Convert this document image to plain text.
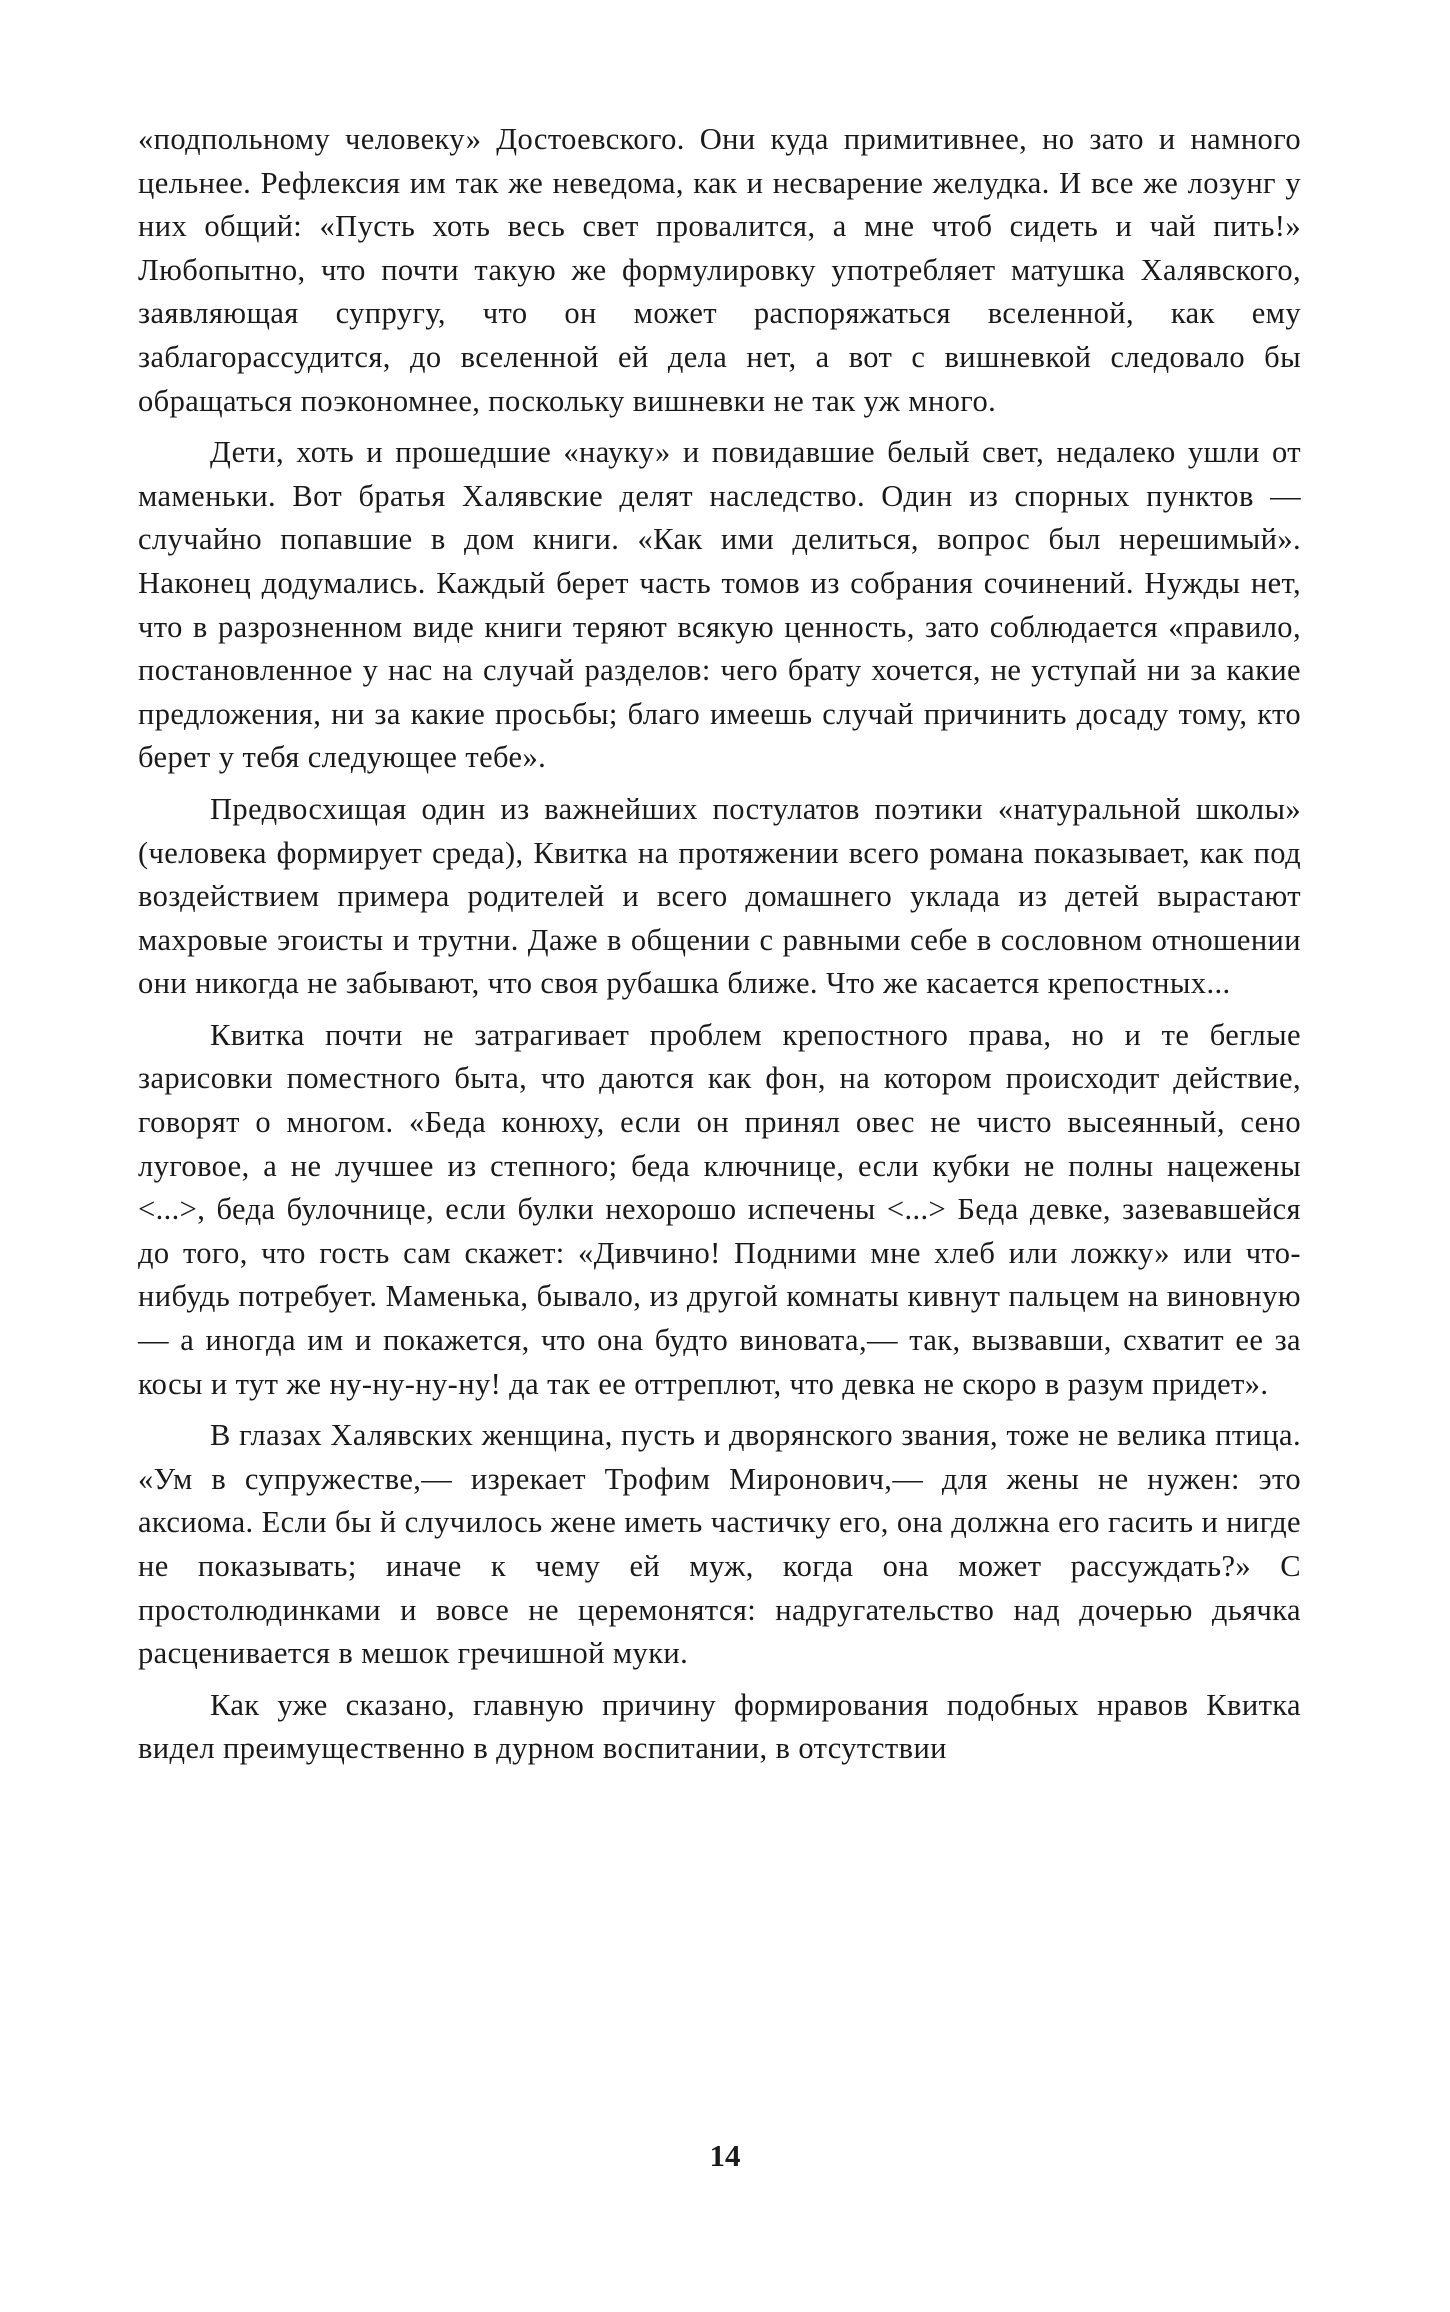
«подпольному человеку» Достоевского. Они куда примитивнее, но зато и намного цельнее. Рефлексия им так же неведома, как и несварение желудка. И все же лозунг у них общий: «Пусть хоть весь свет провалится, а мне чтоб сидеть и чай пить!» Любопытно, что почти такую же формулировку употребляет матушка Халявского, заявляющая супругу, что он может распоряжаться вселенной, как ему заблагорассудится, до вселенной ей дела нет, а вот с вишневкой следовало бы обращаться поэкономнее, поскольку вишневки не так уж много.

Дети, хоть и прошедшие «науку» и повидавшие белый свет, недалеко ушли от маменьки. Вот братья Халявские делят наследство. Один из спорных пунктов — случайно попавшие в дом книги. «Как ими делиться, вопрос был нерешимый». Наконец додумались. Каждый берет часть томов из собрания сочинений. Нужды нет, что в разрозненном виде книги теряют всякую ценность, зато соблюдается «правило, постановленное у нас на случай разделов: чего брату хочется, не уступай ни за какие предложения, ни за какие просьбы; благо имеешь случай причинить досаду тому, кто берет у тебя следующее тебе».

Предвосхищая один из важнейших постулатов поэтики «натуральной школы» (человека формирует среда), Квитка на протяжении всего романа показывает, как под воздействием примера родителей и всего домашнего уклада из детей вырастают махровые эгоисты и трутни. Даже в общении с равными себе в сословном отношении они никогда не забывают, что своя рубашка ближе. Что же касается крепостных...

Квитка почти не затрагивает проблем крепостного права, но и те беглые зарисовки поместного быта, что даются как фон, на котором происходит действие, говорят о многом. «Беда конюху, если он принял овес не чисто высеянный, сено луговое, а не лучшее из степного; беда ключнице, если кубки не полны нацежены <...>, беда булочнице, если булки нехорошо испечены <...> Беда девке, зазевавшейся до того, что гость сам скажет: «Дивчино! Подними мне хлеб или ложку» или что-нибудь потребует. Маменька, бывало, из другой комнаты кивнут пальцем на виновную — а иногда им и покажется, что она будто виновата,— так, вызвавши, схватит ее за косы и тут же ну-ну-ну-ну! да так ее оттреплют, что девка не скоро в разум придет».

В глазах Халявских женщина, пусть и дворянского звания, тоже не велика птица. «Ум в супружестве,— изрекает Трофим Миронович,— для жены не нужен: это аксиома. Если бы й случилось жене иметь частичку его, она должна его гасить и нигде не показывать; иначе к чему ей муж, когда она может рассуждать?» С простолюдинками и вовсе не церемонятся: надругательство над дочерью дьячка расценивается в мешок гречишной муки.

Как уже сказано, главную причину формирования подобных нравов Квитка видел преимущественно в дурном воспитании, в отсутствии

14
